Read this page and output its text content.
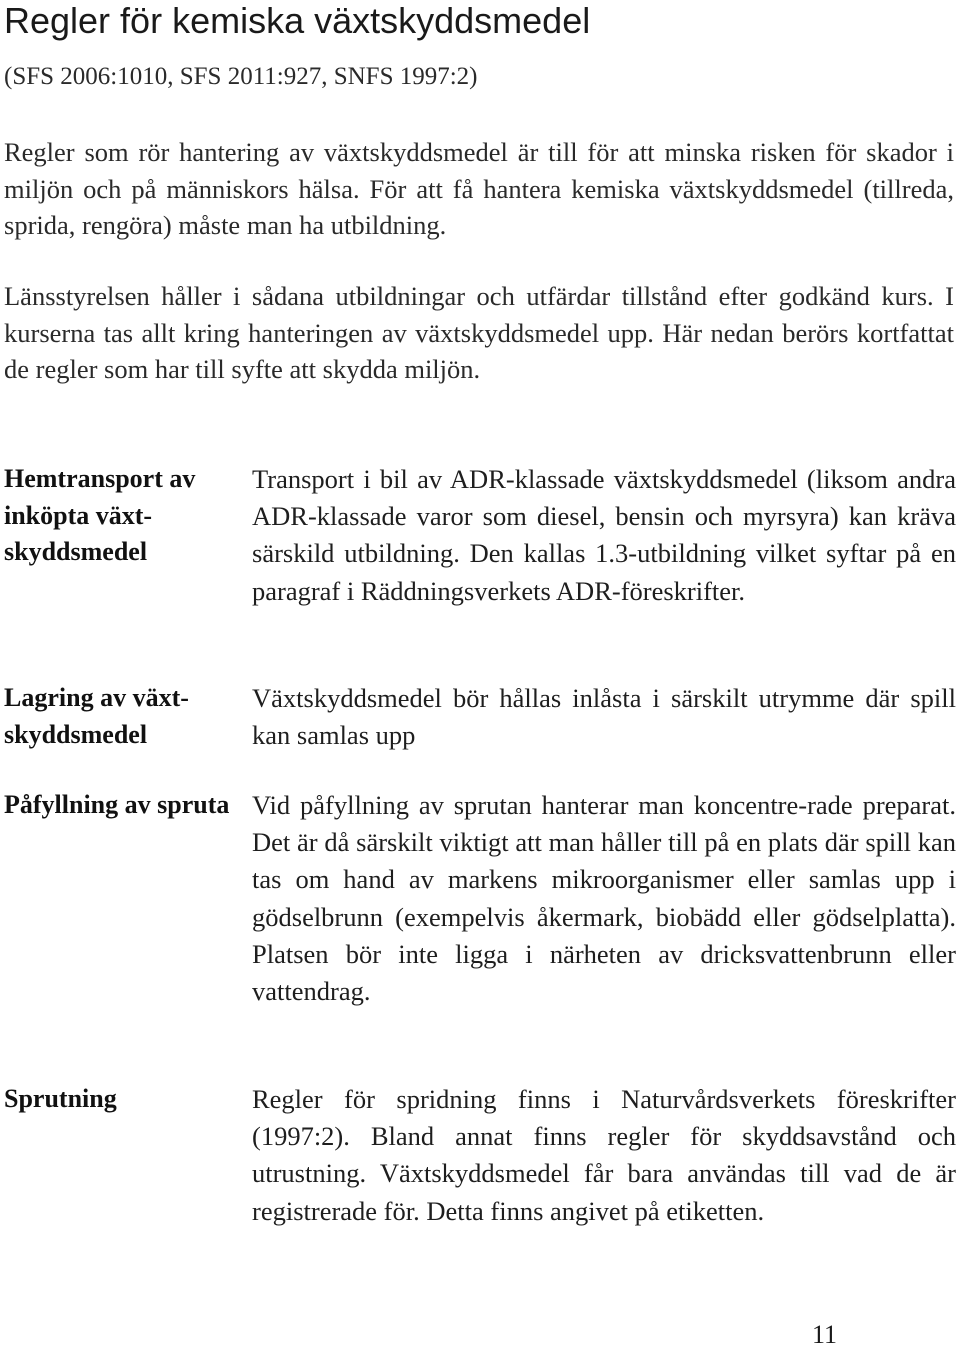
Regler för kemiska växtskyddsmedel

(SFS 2006:1010, SFS 2011:927, SNFS 1997:2)

Regler som rör hantering av växtskyddsmedel är till för att minska risken för skador i miljön och på människors hälsa. För att få hantera kemiska växtskyddsmedel (tillreda, sprida, rengöra) måste man ha utbildning.

Länsstyrelsen håller i sådana utbildningar och utfärdar tillstånd efter godkänd kurs. I kurserna tas allt kring hanteringen av växtskyddsmedel upp. Här nedan berörs kortfattat de regler som har till syfte att skydda miljön.

Hemtransport av inköpta växt-skyddsmedel

Transport i bil av ADR-klassade växtskyddsmedel (liksom andra ADR-klassade varor som diesel, bensin och myrsyra) kan kräva särskild utbildning. Den kallas 1.3-utbildning vilket syftar på en paragraf i Räddningsverkets ADR-föreskrifter.

Lagring av växt-skyddsmedel

Växtskyddsmedel bör hållas inlåsta i särskilt utrymme där spill kan samlas upp

Påfyllning av spruta Vid påfyllning av sprutan hanterar man koncentre-rade preparat. Det är då särskilt viktigt att man håller till på en plats där spill kan tas om hand av markens mikroorganismer eller samlas upp i gödselbrunn (exempelvis åkermark, biobädd eller gödselplatta). Platsen bör inte ligga i närheten av dricksvattenbrunn eller vattendrag.

Sprutning	Regler för spridning finns i Naturvårdsverkets föreskrifter (1997:2). Bland annat finns regler för skyddsavstånd och utrustning. Växtskyddsmedel får bara användas till vad de är registrerade för. Detta finns angivet på etiketten.

11
